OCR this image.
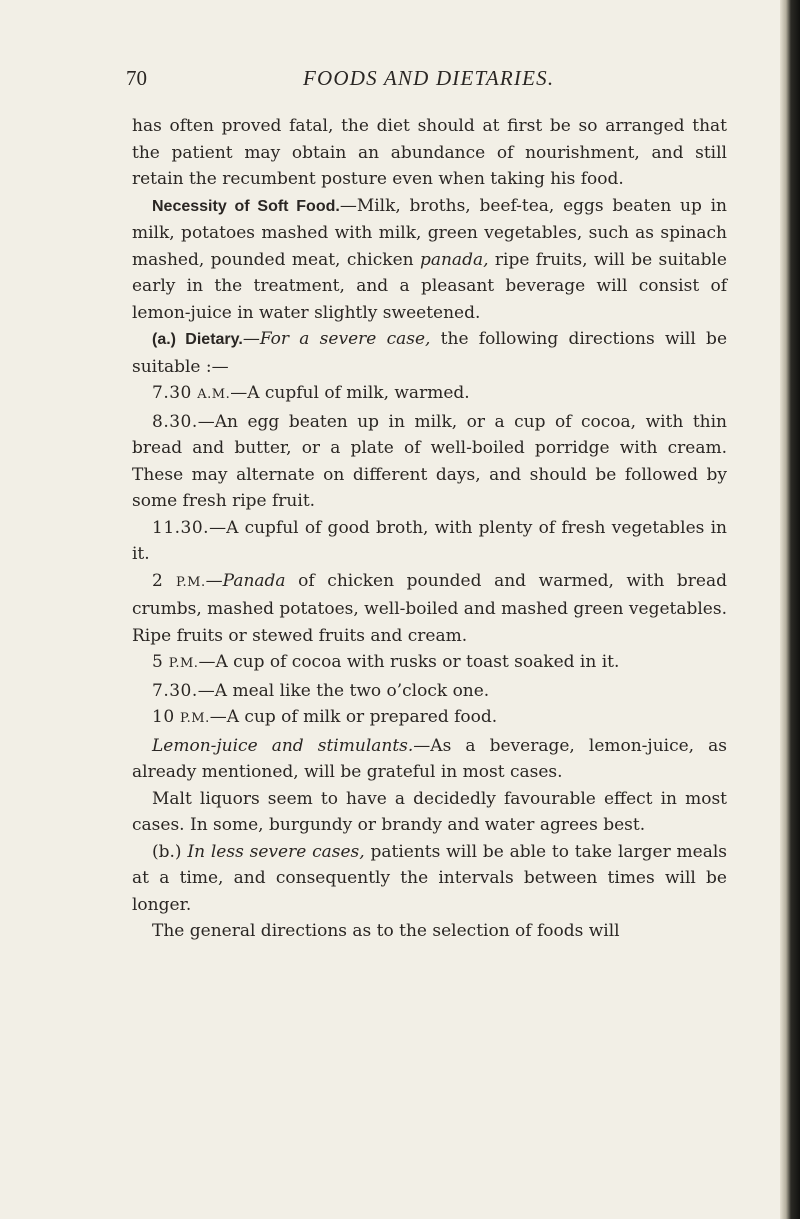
70	FOODS AND DIETARIES.

has often proved fatal, the diet should at first be so arranged that the patient may obtain an abundance of nourishment, and still retain the recumbent posture even when taking his food.

Necessity of Soft Food.—Milk, broths, beef-tea, eggs beaten up in milk, potatoes mashed with milk, green vegetables, such as spinach mashed, pounded meat, chicken panada, ripe fruits, will be suitable early in the treatment, and a pleasant beverage will consist of lemon-juice in water slightly sweetened.

(a.) Dietary.—For a severe case, the following directions will be suitable :—

7.30 A.M.—A cupful of milk, warmed.

8.30.—An egg beaten up in milk, or a cup of cocoa, with thin bread and butter, or a plate of well-boiled porridge with cream. These may alternate on different days, and should be followed by some fresh ripe fruit.

11.30.—A cupful of good broth, with plenty of fresh vegetables in it.

2 P.M.—Panada of chicken pounded and warmed, with bread crumbs, mashed potatoes, well-boiled and mashed green vegetables. Ripe fruits or stewed fruits and cream.

5 P.M.—A cup of cocoa with rusks or toast soaked in it.

7.30.—A meal like the two o’clock one.

10 P.M.—A cup of milk or prepared food.

Lemon-juice and stimulants.—As a beverage, lemon-juice, as already mentioned, will be grateful in most cases.

Malt liquors seem to have a decidedly favourable effect in most cases. In some, burgundy or brandy and water agrees best.

(b.) In less severe cases, patients will be able to take larger meals at a time, and consequently the intervals between times will be longer.

The general directions as to the selection of foods will
